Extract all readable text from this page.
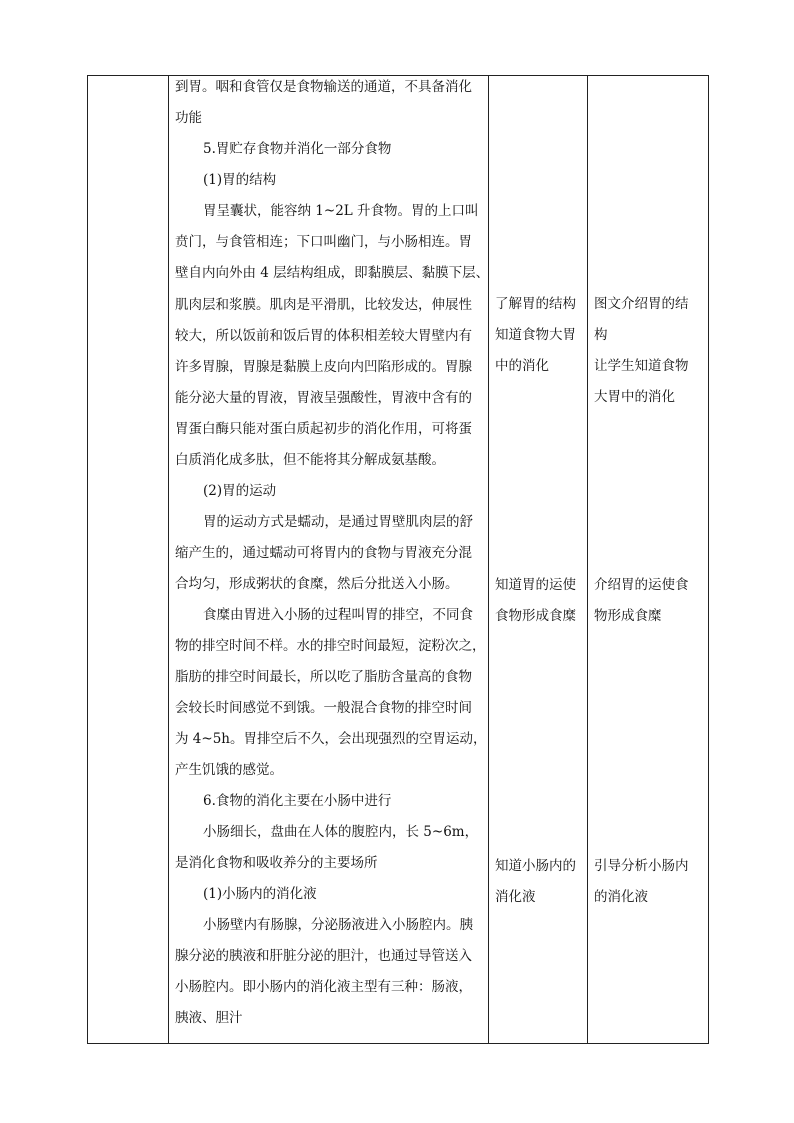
到胃。咽和食管仅是食物输送的通道，不具备消化
功能
5.胃贮存食物并消化一部分食物
(1)胃的结构
胃呈囊状，能容纳 1~2L 升食物。胃的上口叫
贲门，与食管相连；下口叫幽门，与小肠相连。胃
壁自内向外由 4 层结构组成，即黏膜层、黏膜下层、
肌肉层和浆膜。肌肉是平滑肌，比较发达，伸展性
较大，所以饭前和饭后胃的体积相差较大胃壁内有
许多胃腺，胃腺是黏膜上皮向内凹陷形成的。胃腺
能分泌大量的胃液，胃液呈强酸性，胃液中含有的
胃蛋白酶只能对蛋白质起初步的消化作用，可将蛋
白质消化成多肽，但不能将其分解成氨基酸。
(2)胃的运动
胃的运动方式是蠕动，是通过胃壁肌肉层的舒
缩产生的，通过蠕动可将胃内的食物与胃液充分混
合均匀，形成粥状的食糜，然后分批送入小肠。
食糜由胃进入小肠的过程叫胃的排空，不同食
物的排空时间不样。水的排空时间最短，淀粉次之，
脂肪的排空时间最长，所以吃了脂肪含量高的食物
会较长时间感觉不到饿。一般混合食物的排空时间
为 4~5h。胃排空后不久，会出现强烈的空胃运动，
产生饥饿的感觉。
6.食物的消化主要在小肠中进行
小肠细长，盘曲在人体的腹腔内，长 5~6m，
是消化食物和吸收养分的主要场所
(1)小肠内的消化液
小肠壁内有肠腺，分泌肠液进入小肠腔内。胰
腺分泌的胰液和肝脏分泌的胆汁，也通过导管送入
小肠腔内。即小肠内的消化液主型有三种：肠液，
胰液、胆汁

了解胃的结构
知道食物大胃
中的消化
知道胃的运使
食物形成食糜
知道小肠内的
消化液

图文介绍胃的结
构
让学生知道食物
大胃中的消化
介绍胃的运使食
物形成食糜
引导分析小肠内
的消化液
